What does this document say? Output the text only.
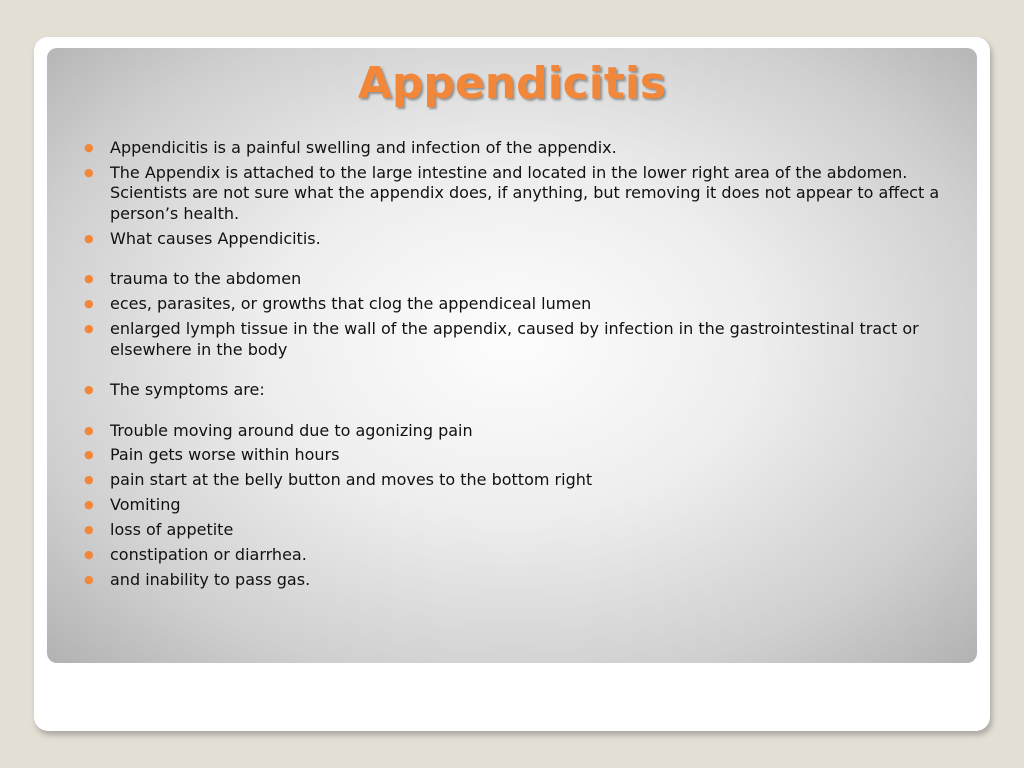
Appendicitis
● Appendicitis is a painful swelling and infection of the appendix.
● The Appendix is attached to the large intestine and located in the lower right area of the abdomen. Scientists are not sure what the appendix does, if anything, but removing it does not appear to affect a person’s health.
● What causes Appendicitis.
● trauma to the abdomen
● eces, parasites, or growths that clog the appendiceal lumen
● enlarged lymph tissue in the wall of the appendix, caused by infection in the gastrointestinal tract or elsewhere in the body
● The symptoms are:
● Trouble moving around due to agonizing pain
● Pain gets worse within hours
● pain start at the belly button and moves to the bottom right
● Vomiting
● loss of appetite
● constipation or diarrhea.
● and inability to pass gas.
